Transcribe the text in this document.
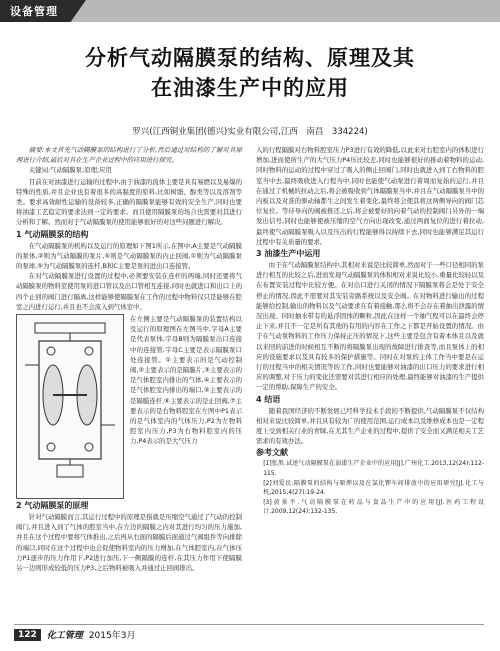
设备管理
分析气动隔膜泵的结构、原理及其
在油漆生产中的应用
罗兴(江西铜业集团(德兴)实业有限公司,江西　南昌　334224)

摘要:本文首先气动隔膜泵的结构进行了分析,然后通过对结构的了解对其原理进行介绍,最后对其在生产企业过程中的应用进行探究。

关键词:气动隔膜泵;原理;应用

目前在对油漆进行运输的过程中,由于油漆的流体主要是具有易燃以及易爆的特殊的性质,并且企业也有着很多的高黏度的原料,比如树脂、醇类等以及溶剂等类。要求高效耐性运输的设备较多,正确的隔膜泵能够有效的安全生产,同时也要将油漆工艺稳定的要求达到一定的要求。而且使用隔膜泵的场合也需要对其进行分析和了解。然而对于气动隔膜泵的使用能够很好的对这些问题进行解决。

1 气动隔膜泵的结构

在气动隔膜泵的机构以及运行的原理如下图1所示,在图中,A主要是气动隔膜的泵体,②则为气动隔膜的泵片,⑤则是气动隔膜泵的内止回阀,①则为气动隔膜泵的泵球,⑤为气动隔膜泵的连杆,B和C主要是泵的进出口连接管。

在对气动隔膜泵进行设置的过程中,必须要安装在连杆的两端,同时还要将气动隔膜泵的物料室使用泵的进口管以及出口管相互连接,同时也就进口和出口上的四个止回的阀门进行隔离,这样能够使隔膜泵在工作的过程中物料仅只是能够在腔室之内进行运行,并且也不会流入到气体室中。

在左侧主要是气动隔膜泵的装置结构以及运行的原理图在左图当中,字母A主要是代表泵体,字母B则为隔膜泵出口连接中的连接管,字母C主要是表示隔膜泵口处连接管。①主要表示的是气动控制阀,②主要表示的是隔膜片,③主要表示的是气体腔室内排出的气体,④主要表示的是气体腔室内排出的端口,⑤主要表示的是隔膜连杆,⑥主要表示的是止回阀,⑦主要表示的是右物料腔室在左图中P1表示的是气体室内的气体压力,P2为左物料腔室内压力,P3为右物料腔室内的压力,P4表示的是大气压力
2 气动隔膜泵的原理

针对气动隔膜而言,其运行过程中的原理是指就是压缩空气通过了气动的控制阀门,并且进入到了气体的腔室当中,在左边的隔膜之内对其进行均匀的压力施加,并且在这个过程中要将气体推出,之后再从右面的隔膜后面通过气阀组件等向排除的端口,同时在这个过程中也会促使物料室内的压力增加,在气体腔室内,在气体压力P1逐步的压力作用下,P2进行加压,下一侧隔膜的连杆,在其压力作用下使隔膜另一边则形成较低的压力P3,之后物料被吸入并通过止回阀排出。

入的行程隔膜对右物料腔室压力P3进行有效的降低,以此来对右腔室内的体积进行增加,进而使所生产的大气压力P4压比较差,同时也能够很好的推动着物料的运动,同时物料的运动的过程中穿过了吸入的侧止回阀门,同时也就进入到了右物料的腔室当中去,最终吸收进入行程当中,同时也能使气动泵进行着周而复始的运行,并且在通过了机械的拉动之后,将会被吸收到气体隔膜泵当中,并且在气动隔膜泵当中的内板以及对准的驱动轴都生之间发生着变化,最终将会使其将这两侧导向的阀门芯位复位。等待导向的阀被推还之后,将会被要好的向着气动的控制阀门另外的一端发出信号,同时也能够使被压缩的空气方向出现改变,通过两面复位的进行着拉动,最终使气动隔膜泵吸入以及压出的行程能够得以持续下去,同时也能够满足其运行过程中有关质量的要求。

3 油漆生产中运用

由于在气动隔膜泵结构中,其相对来说是比较简单,然而对于一些口径相同的泵进行相互的比较之后,进而发现气动隔膜泵的体积相对来说比较小,重量比较轻以及在布置安装过程中比较方便。在对出口进行关闭的情况下隔膜泵将会是处于安全停止的情况,因此不需要对其安装旁路系统以及安全阀。在对物料进行输出的过程能够给控制,输出的物料以及气动要求在有着接触,那么将不会存在着抽出泄露的情况出现。同时抽水带有的悬浮固体的颗粒,因此在这样一个抽气程可以在最终会停止下来,并且不一定是所有其他的有用的内容在工作之下都是开始设置的情况。由于在气动泵物料的工作压力保持正压的情况下,这些主要是包含有着本体且以及就以来回的前进的时候相互不断的将隔膜泵出现的故障进行排查等,而且泵体上的相应的设施要求以及具有较多的保护措施等。同时在对泵的主体工作当中要是在运行的过程当中的相关情况等的工作,同时也要能够对油漆的出口压力的要求进行相应的调整,对于压力的变化还需要对其进行相应的处理,最终能够对油漆的生产提供一定的帮助,保障生产的安全。

4 结语

随着我国经济的不断发展已经科学技术手段的不断提供,气动隔膜泵不仅结构相对来说比较简单,并且具有较为广的使用范围,运行成本以及维修成本也是一定程度上受到相关行业的青睐,在尤其生产企业的过程中,提供了安全而又满足相关工艺需求的有效办法。

参考文献

[1]张黑.试述气动隔膜泵在油漆生产企业中的应用[J].广州化工.2013,12(24):112-115.

[2]刘爱民.隔膜泵的结构与原理以及在氯化钾车间排放中的应用研究[J].化工与机,2015,4(27):19-24.

[3]黄景平.气动隔膜泵在药品与食品生产中的应用[J].医药工程设计.2009,12(24):132-135.

122	化工管理 2015年3月
